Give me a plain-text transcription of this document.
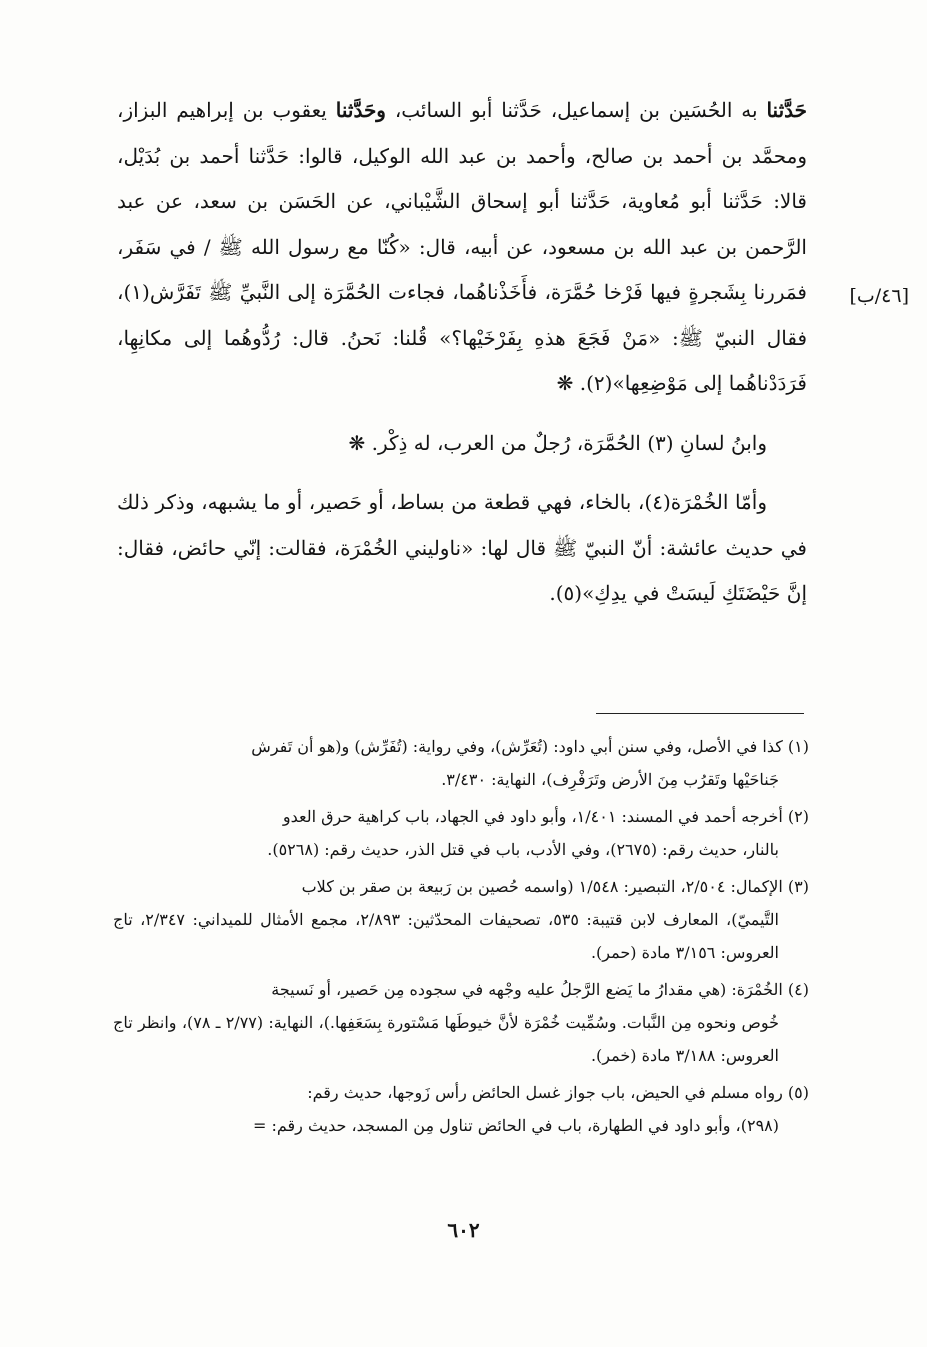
حَدَّثنا به الحُسَين بن إسماعيل، حَدَّثنا أبو السائب، وحَدَّثنا يعقوب بن إبراهيم البزاز، ومحمَّد بن أحمد بن صالح، وأحمد بن عبد الله الوكيل، قالوا: حَدَّثنا أحمد بن بُدَيْل، قالا: حَدَّثنا أبو مُعاوية، حَدَّثنا أبو إسحاق الشَّيْباني، عن الحَسَن بن سعد، عن عبد الرَّحمن بن عبد الله بن مسعود، عن أبيه، قال: «كُنّا مع رسول الله ﷺ / في سَفَر، فمَررنا بِشَجرةٍ فيها فَرْخا حُمَّرَة، فأَخَذْناهُما، فجاءت الحُمَّرَة إلى النَّبيِّ ﷺ تَفَرَّش(١)، فقال النبيّ ﷺ: «مَنْ فَجَعَ هذهِ بِفَرْخَيْها؟» قُلنا: نَحنُ. قال: رُدُّوهُما إلى مكانِهِا، فَرَدَدْناهُما إلى مَوْضِعِها»(٢). ❋

وابنُ لسانِ (٣) الحُمَّرَة، رُجلٌ من العرب، له ذِكْر. ❋

وأمّا الخُمْرَة(٤)، بالخاء، فهي قطعة من بساط، أو حَصير، أو ما يشبهه، وذكر ذلك في حديث عائشة: أنّ النبيّ ﷺ قال لها: «ناوليني الخُمْرَة، فقالت: إنّي حائض، فقال: إنَّ حَيْضَتَكِ لَيسَتْ في يدِكِ»(٥).

[٤٦/ب]

(١) كذا في الأصل، وفي سنن أبي داود: (تُعَرِّش)، وفي رواية: (تُفَرِّش) و(هو أن تَفرش
جَناحَيْها وتَقرُب مِنَ الأرض وتَرَفْرِف)، النهاية: ٣/٤٣٠.

(٢) أخرجه أحمد في المسند: ١/٤٠١، وأبو داود في الجهاد، باب كراهية حرق العدو
بالنار، حديث رقم: (٢٦٧٥)، وفي الأدب، باب في قتل الذر، حديث رقم: (٥٢٦٨).

(٣) الإكمال: ٢/٥٠٤، التبصير: ١/٥٤٨ (واسمه حُصين بن رَبيعة بن صقر بن كلاب
التَّيميّ)، المعارف لابن قتيبة: ٥٣٥، تصحيفات المحدّثين: ٢/٨٩٣، مجمع الأمثال للميداني: ٢/٣٤٧، تاج العروس: ٣/١٥٦ مادة (حمر).

(٤) الخُمْرَة: (هي مقدارُ ما يَضع الرَّجلُ عليه وجْهه في سجوده مِن حَصير، أو نَسيجة
خُوص ونحوه مِن النَّبات. وسُمِّيت خُمْرَة لأنَّ خيوطَها مَسْتورة بِسَعَفِها.)، النهاية: (٢/٧٧ ـ ٧٨)، وانظر تاج العروس: ٣/١٨٨ مادة (خمر).

(٥) رواه مسلم في الحيض، باب جواز غسل الحائض رأس زَوجها، حديث رقم:
(٢٩٨)، وأبو داود في الطهارة، باب في الحائض تناول مِن المسجد، حديث رقم: =

٦٠٢
